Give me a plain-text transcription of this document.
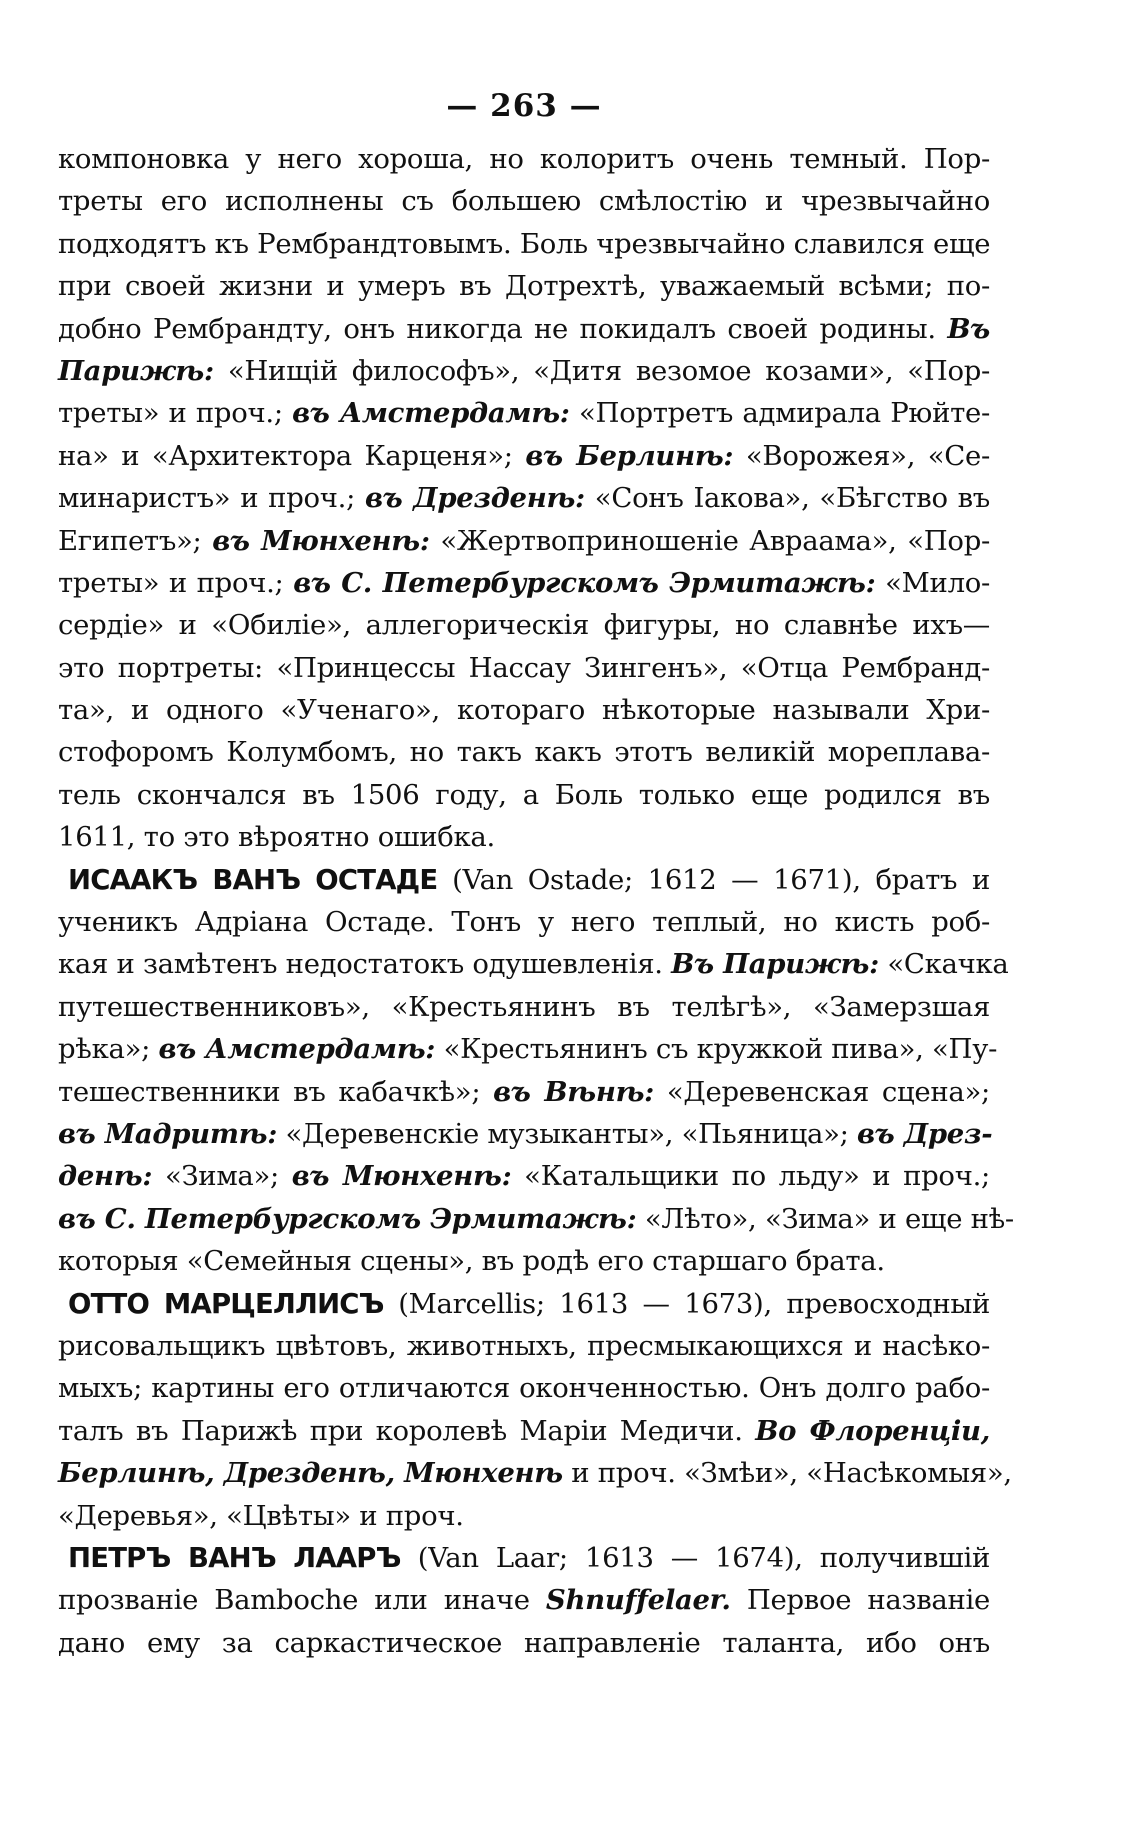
— 263 —
компоновка у него хороша, но колоритъ очень темный. Пор-
треты его исполнены съ большею смѣлостію и чрезвычайно
подходятъ къ Рембрандтовымъ. Боль чрезвычайно славился еще
при своей жизни и умеръ въ Дотрехтѣ, уважаемый всѣми; по-
добно Рембрандту, онъ никогда не покидалъ своей родины. Въ
Парижѣ: «Нищій философъ», «Дитя везомое козами», «Пор-
треты» и проч.; въ Амстердамѣ: «Портретъ адмирала Рюйте-
на» и «Архитектора Карценя»; въ Берлинѣ: «Ворожея», «Се-
минаристъ» и проч.; въ Дрезденѣ: «Сонъ Іакова», «Бѣгство въ
Египетъ»; въ Мюнхенѣ: «Жертвоприношеніе Авраама», «Пор-
треты» и проч.; въ С. Петербургскомъ Эрмитажѣ: «Мило-
сердіе» и «Обиліе», аллегорическія фигуры, но славнѣе ихъ—
это портреты: «Принцессы Нассау Зингенъ», «Отца Рембранд-
та», и одного «Ученаго», котораго нѣкоторые называли Хри-
стофоромъ Колумбомъ, но такъ какъ этотъ великій мореплава-
тель скончался въ 1506 году, а Боль только еще родился въ
1611, то это вѣроятно ошибка.
ИСААКЪ ВАНЪ ОСТАДЕ (Van Ostade; 1612 — 1671), братъ и
ученикъ Адріана Остаде. Тонъ у него теплый, но кисть роб-
кая и замѣтенъ недостатокъ одушевленія. Въ Парижѣ: «Скачка
путешественниковъ», «Крестьянинъ въ телѣгѣ», «Замерзшая
рѣка»; въ Амстердамѣ: «Крестьянинъ съ кружкой пива», «Пу-
тешественники въ кабачкѣ»; въ Вѣнѣ: «Деревенская сцена»;
въ Мадритѣ: «Деревенскіе музыканты», «Пьяница»; въ Дрез-
денѣ: «Зима»; въ Мюнхенѣ: «Катальщики по льду» и проч.;
въ С. Петербургскомъ Эрмитажѣ: «Лѣто», «Зима» и еще нѣ-
которыя «Семейныя сцены», въ родѣ его старшаго брата.
ОТТО МАРЦЕЛЛИСЪ (Marcellis; 1613 — 1673), превосходный
рисовальщикъ цвѣтовъ, животныхъ, пресмыкающихся и насѣко-
мыхъ; картины его отличаются оконченностью. Онъ долго рабо-
талъ въ Парижѣ при королевѣ Маріи Медичи. Во Флоренціи,
Берлинѣ, Дрезденѣ, Мюнхенѣ и проч. «Змѣи», «Насѣкомыя»,
«Деревья», «Цвѣты» и проч.
ПЕТРЪ ВАНЪ ЛААРЪ (Van Laar; 1613 — 1674), получившій
прозваніе Bamboche или иначе Shnuffelaer. Первое названіе
дано ему за саркастическое направленіе таланта, ибо онъ
